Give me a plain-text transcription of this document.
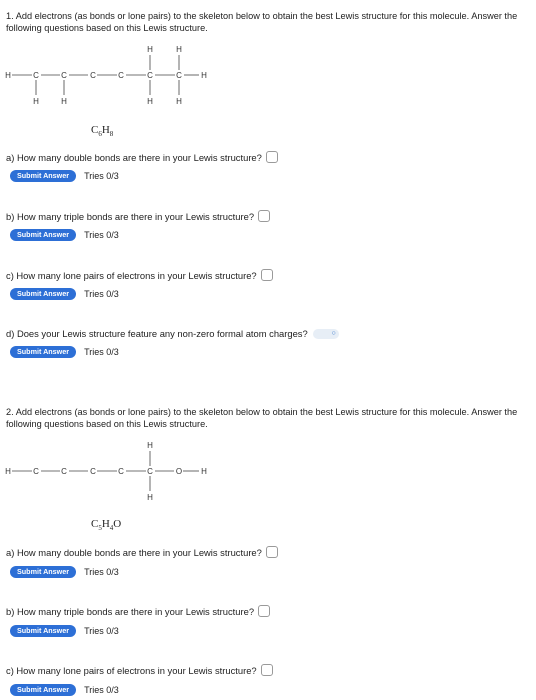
1. Add electrons (as bonds or lone pairs) to the skeleton below to obtain the best Lewis structure for this molecule. Answer the following questions based on this Lewis structure.
H	C	C	C	C	C	C H
H	H
H	H
H	H
$C_6H_8$
a) How many double bonds are there in your Lewis structure?
Submit Answer	Tries 0/3
b) How many triple bonds are there in your Lewis structure?
Submit Answer	Tries 0/3
c) How many lone pairs of electrons in your Lewis structure?
Submit Answer	Tries 0/3
d) Does your Lewis structure feature any non-zero formal atom charges?	○
Submit Answer	Tries 0/3
2. Add electrons (as bonds or lone pairs) to the skeleton below to obtain the best Lewis structure for this molecule. Answer the following questions based on this Lewis structure.
H	C	C	C	C	C	O H
H
H
$C_5H_4O$
a) How many double bonds are there in your Lewis structure?
Submit Answer	Tries 0/3
b) How many triple bonds are there in your Lewis structure?
Submit Answer	Tries 0/3
c) How many lone pairs of electrons in your Lewis structure?
Submit Answer	Tries 0/3
